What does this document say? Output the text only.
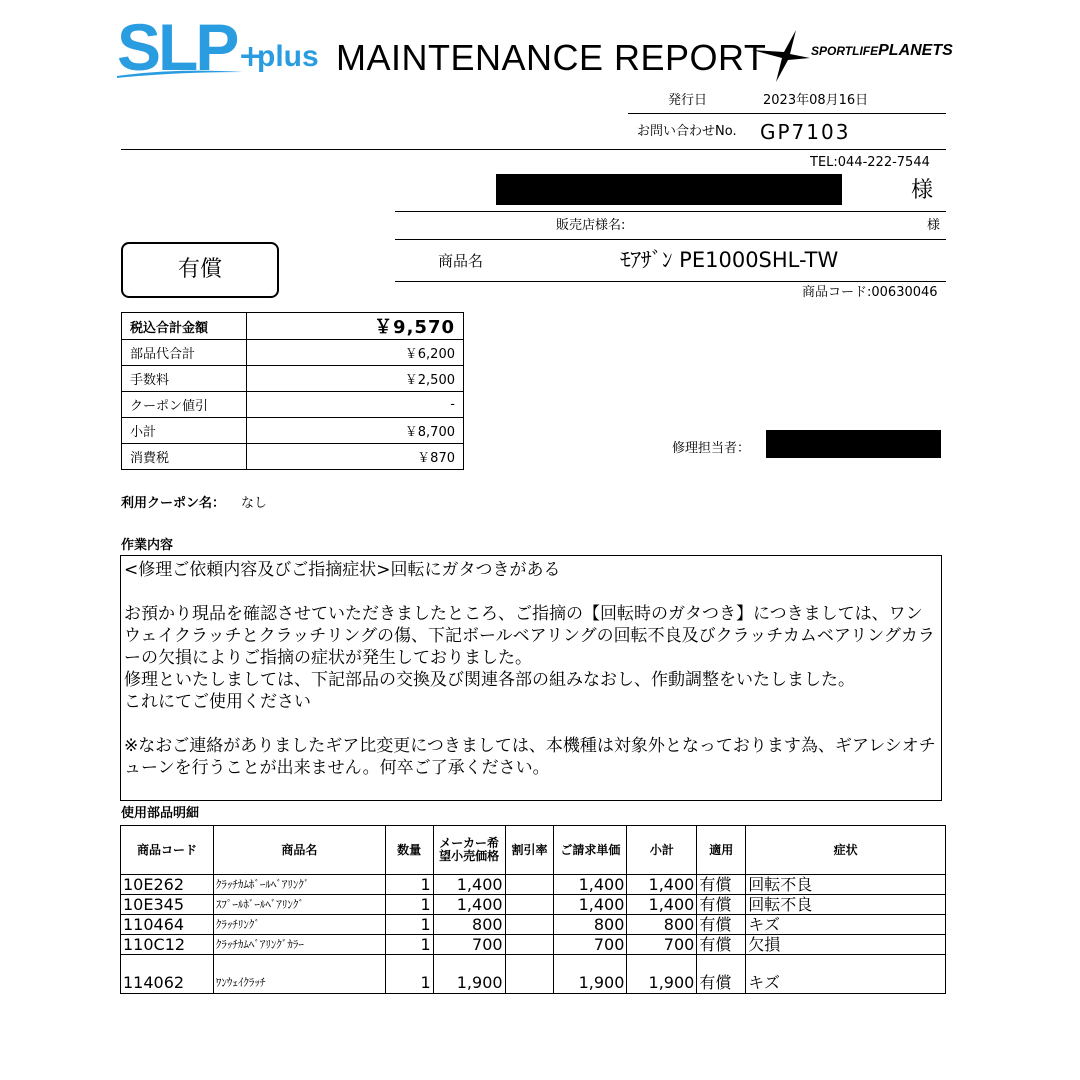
SLP +
plus MAINTENANCE REPORT	SPORTLIFEPLANETS
発行日	2023年08月16日
お問い合わせNo. GP7103
TEL:044-222-7544
様
販売店様名:	様
有償	商品名	ﾓｱｻﾞﾝ PE1000SHL-TW
商品コード:00630046
税込合計金額	￥9,570
部品代合計	￥6,200
手数料	￥2,500
クーポン値引	-
小計	￥8,700
消費税	￥870
修理担当者：
利用クーポン名： なし
作業内容

<修理ご依頼内容及びご指摘症状>回転にガタつきがある

お預かり現品を確認させていただきましたところ、ご指摘の【回転時のガタつき】につきましては、ワンウェイクラッチとクラッチリングの傷、下記ボールベアリングの回転不良及びクラッチカムベアリングカラーの欠損によりご指摘の症状が発生しておりました。

修理といたしましては、下記部品の交換及び関連各部の組みなおし、作動調整をいたしました。

これにてご使用ください

※なおご連絡がありましたギア比変更につきましては、本機種は対象外となっております為、ギアレシオチューンを行うことが出来ません。何卒ご了承ください。

使用部品明細
商品コード	商品名	数量	メーカー希望小売価格	割引率	ご請求単価	小計	適用	症状
10E262	ｸﾗｯﾁｶﾑﾎﾞｰﾙﾍﾞｱﾘﾝｸﾞ	1	1,400		1,400	1,400	有償	回転不良
10E345	ｽﾌﾟｰﾙﾎﾞｰﾙﾍﾞｱﾘﾝｸﾞ	1	1,400		1,400	1,400	有償	回転不良
110464	ｸﾗｯﾁﾘﾝｸﾞ	1	800		800	800	有償	キズ
110C12	ｸﾗｯﾁｶﾑﾍﾞｱﾘﾝｸﾞｶﾗｰ	1	700		700	700	有償	欠損
114062	ﾜﾝｳｪｲｸﾗｯﾁ	1	1,900		1,900	1,900	有償	キズ
